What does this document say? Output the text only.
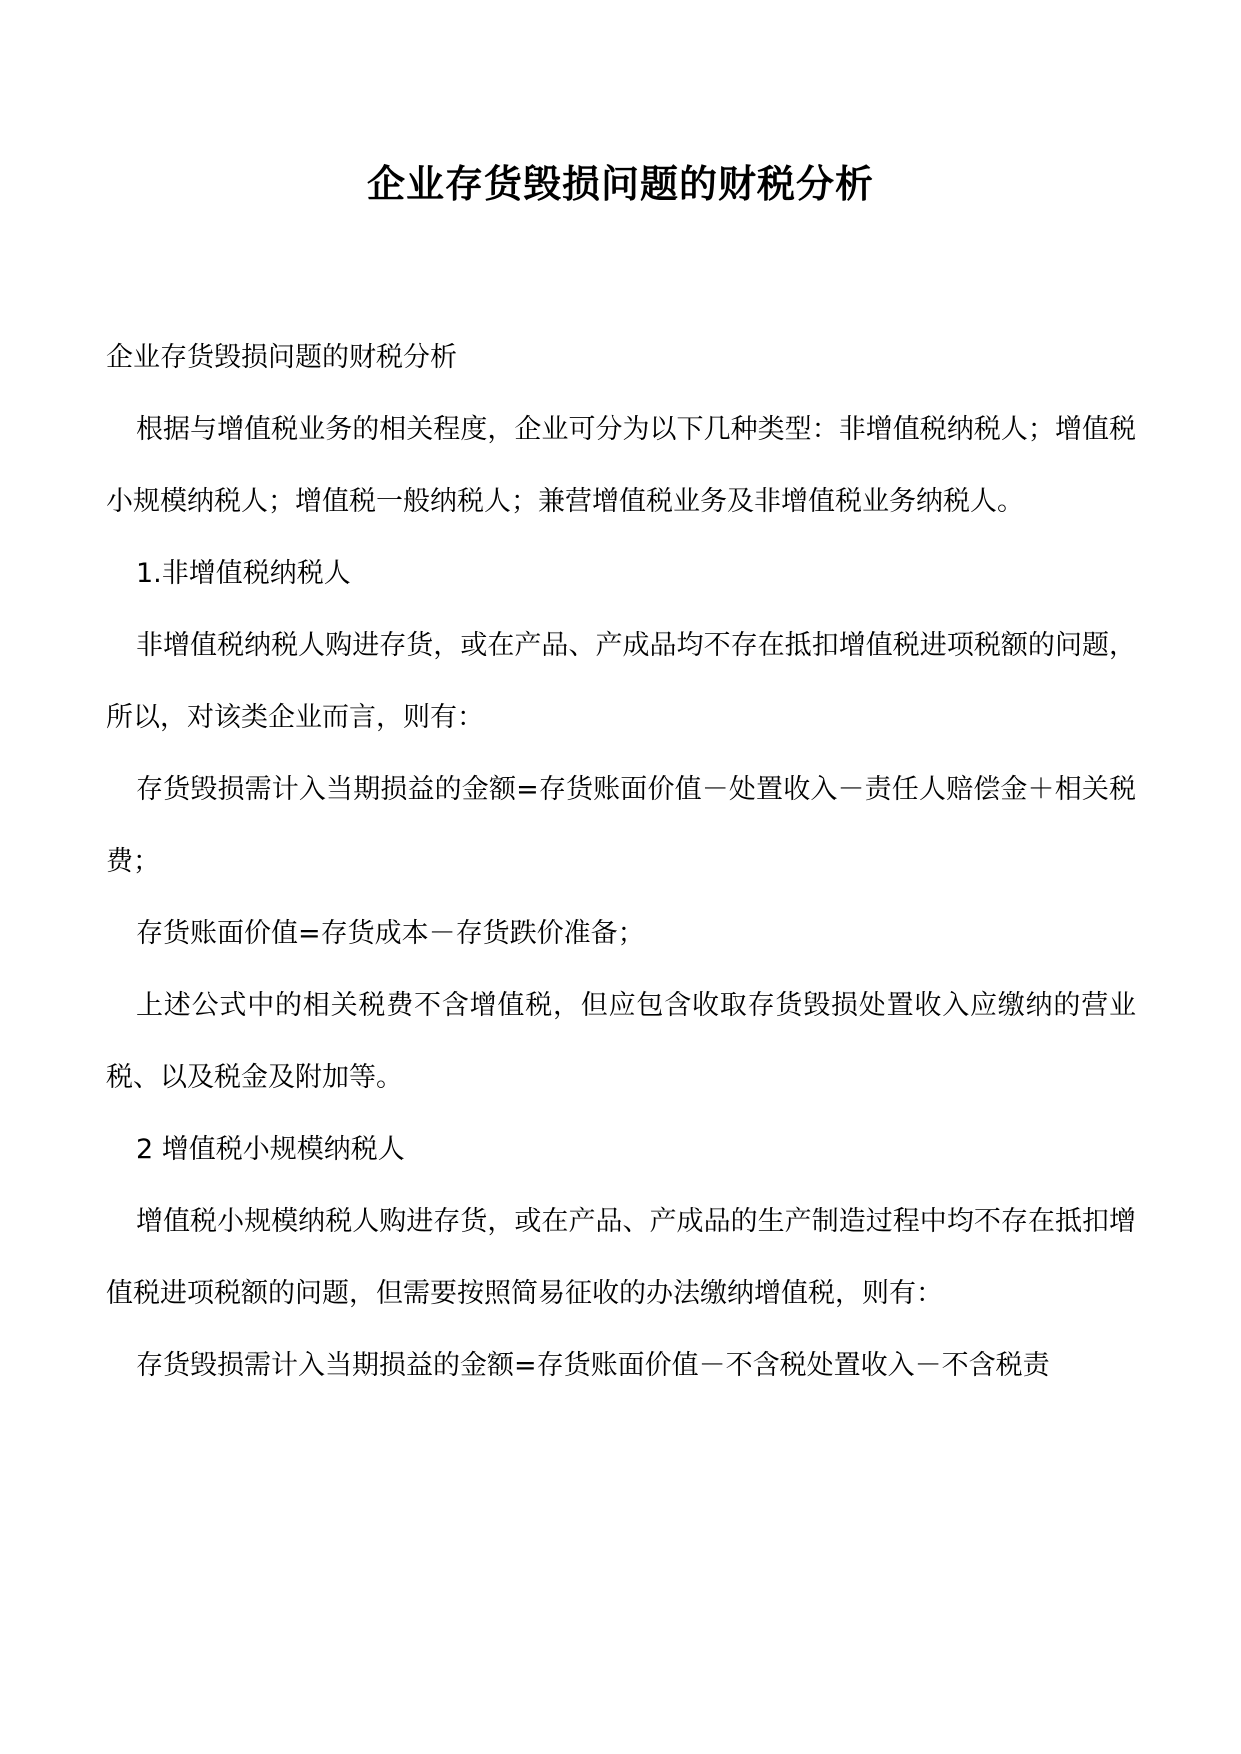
企业存货毁损问题的财税分析

企业存货毁损问题的财税分析

根据与增值税业务的相关程度，企业可分为以下几种类型：非增值税纳税人；增值税小规模纳税人；增值税一般纳税人；兼营增值税业务及非增值税业务纳税人。

1.非增值税纳税人

非增值税纳税人购进存货，或在产品、产成品均不存在抵扣增值税进项税额的问题，所以，对该类企业而言，则有：

存货毁损需计入当期损益的金额=存货账面价值－处置收入－责任人赔偿金＋相关税费；

存货账面价值=存货成本－存货跌价准备；

上述公式中的相关税费不含增值税，但应包含收取存货毁损处置收入应缴纳的营业税、以及税金及附加等。

2 增值税小规模纳税人

增值税小规模纳税人购进存货，或在产品、产成品的生产制造过程中均不存在抵扣增值税进项税额的问题，但需要按照简易征收的办法缴纳增值税，则有：

存货毁损需计入当期损益的金额=存货账面价值－不含税处置收入－不含税责
